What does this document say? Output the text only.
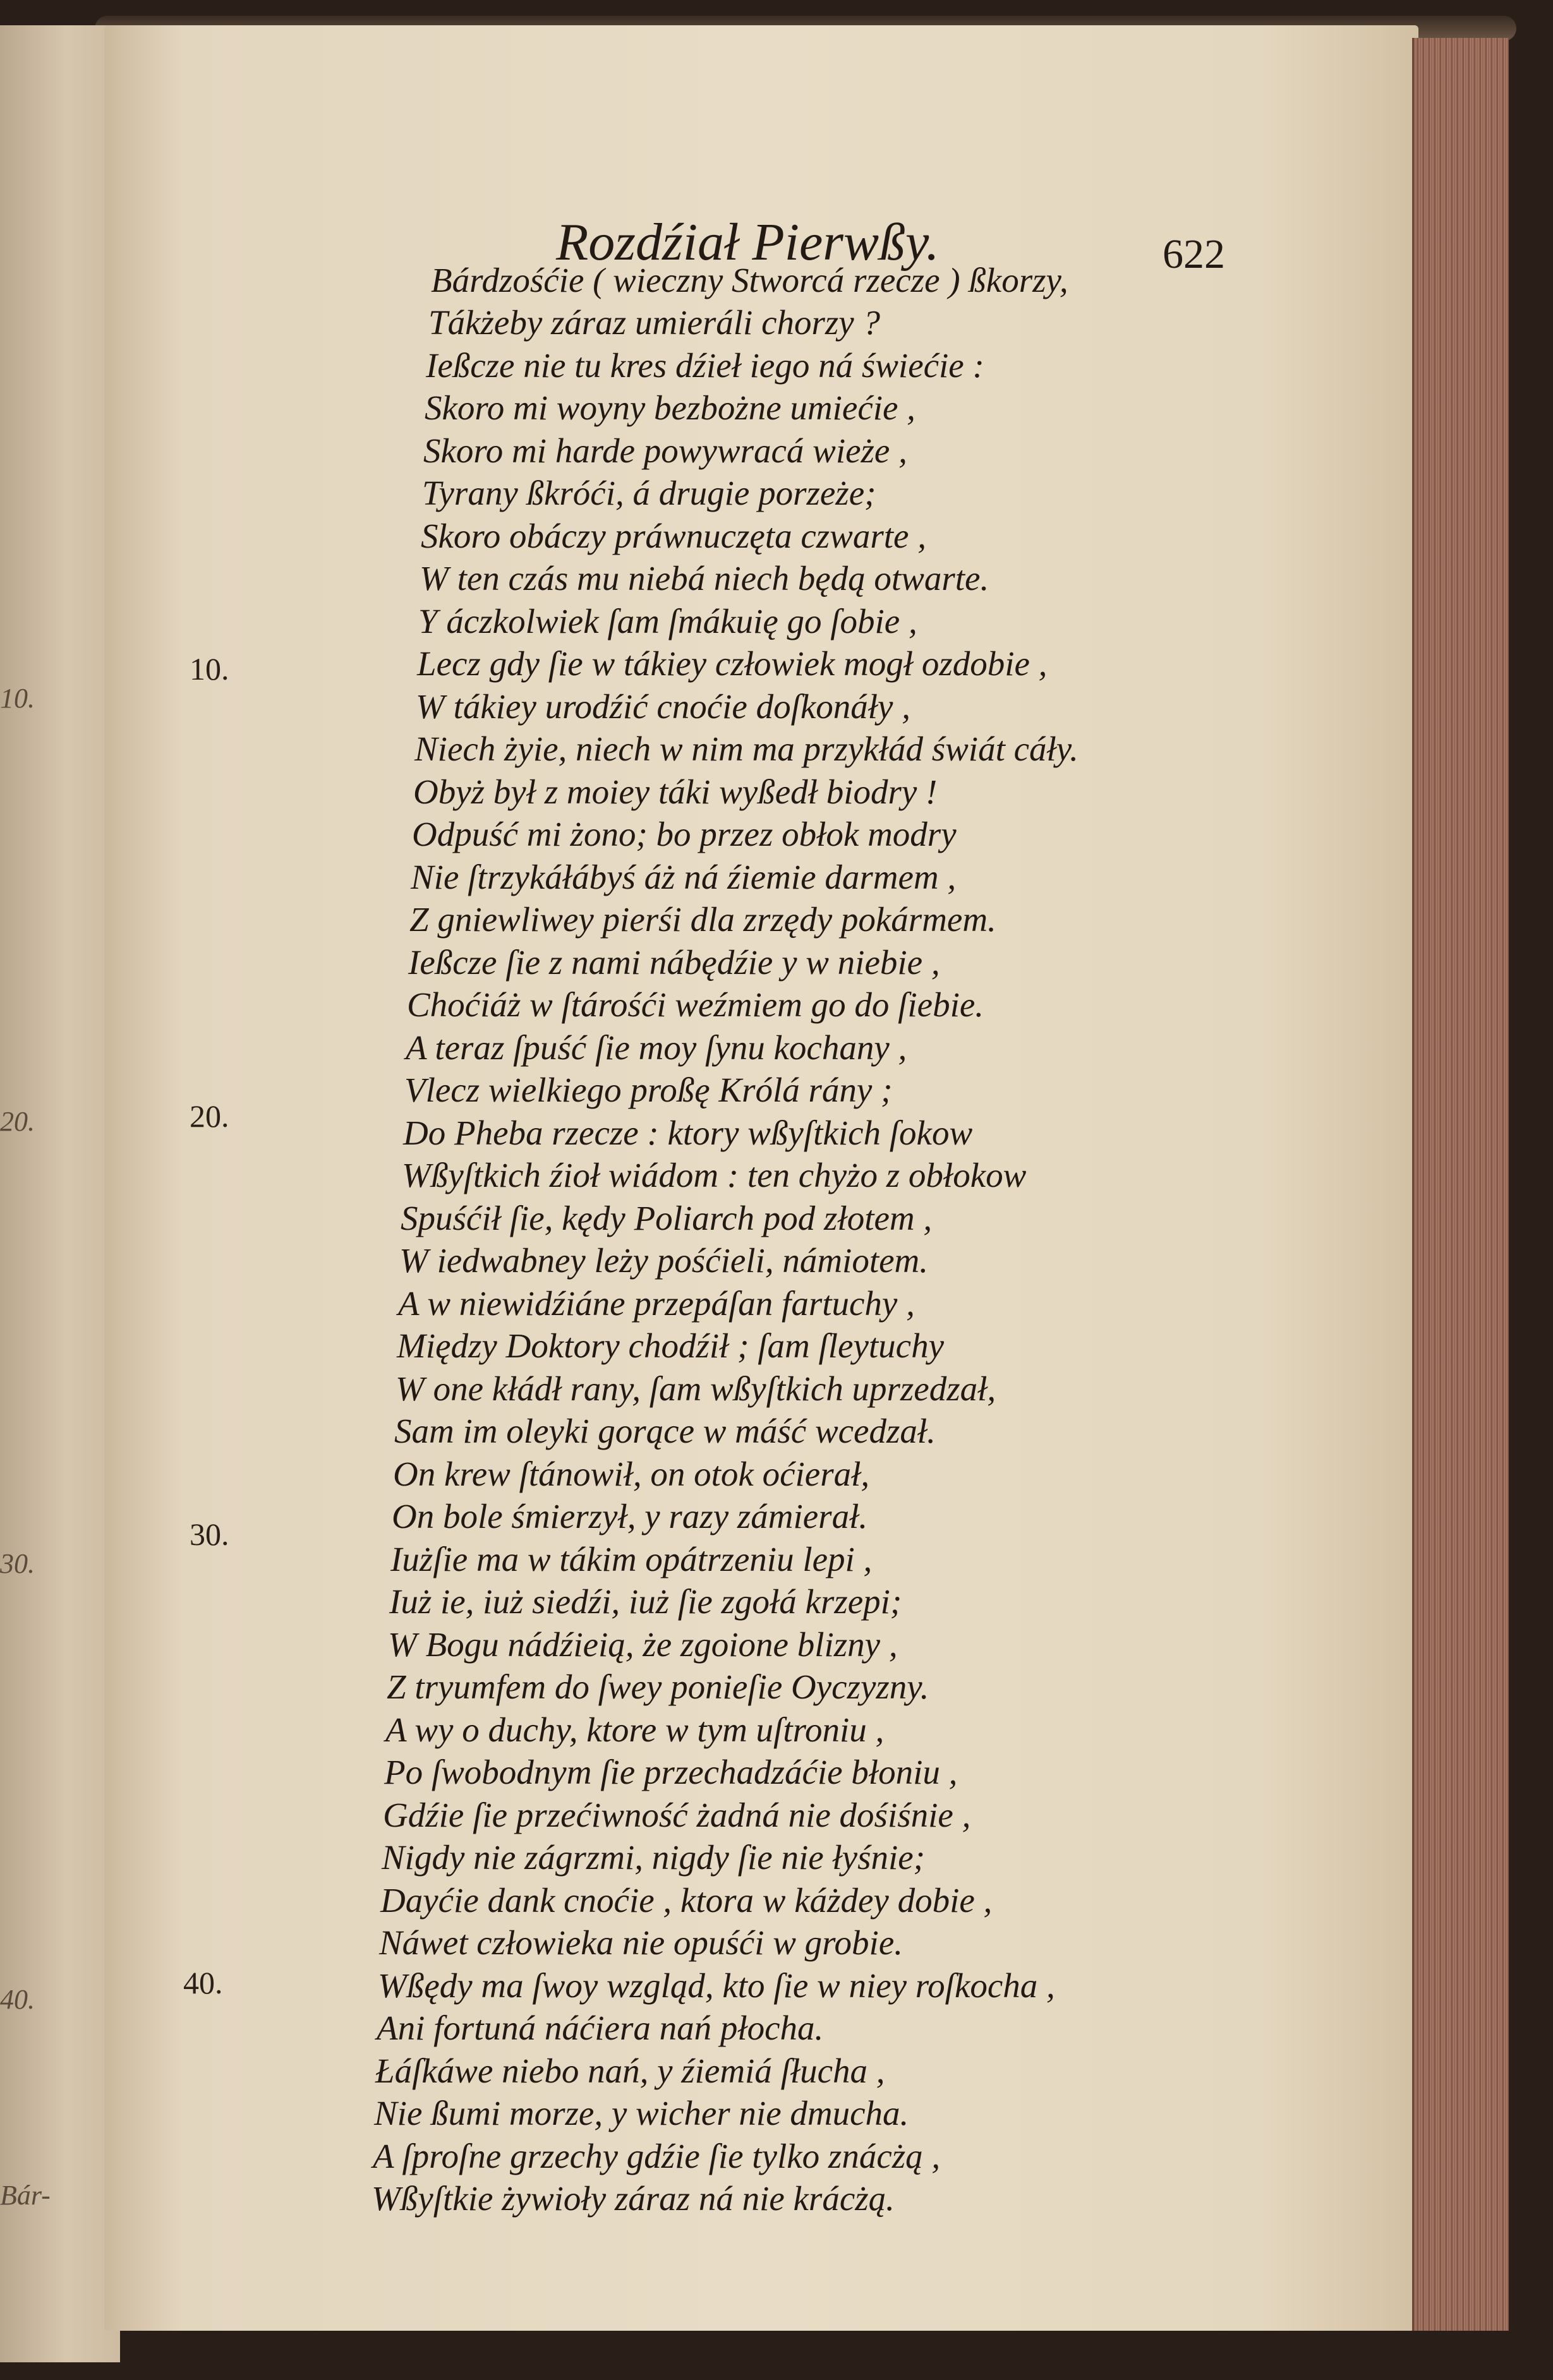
10.
20.
30.
40.
Bár-
Rozdźiał Pierwßy.	622
Bárdzośćie ( wieczny Stworcá rzecze ) ßkorzy,
Tákżeby záraz umieráli chorzy ?
Ießcze nie tu kres dźieł iego ná świećie :
Skoro mi woyny bezbożne umiećie ,
Skoro mi harde powywracá wieże ,
Tyrany ßkróći, á drugie porzeże;
Skoro obáczy práwnuczęta czwarte ,
W ten czás mu niebá niech będą otwarte.
Y áczkolwiek ſam ſmákuię go ſobie ,
Lecz gdy ſie w tákiey człowiek mogł ozdobie ,
W tákiey urodźić cnoćie doſkonáły ,
Niech żyie, niech w nim ma przykłád świát cáły.
Obyż był z moiey táki wyßedł biodry !
Odpuść mi żono; bo przez obłok modry
Nie ſtrzykáłábyś áż ná źiemie darmem ,
Z gniewliwey pierśi dla zrzędy pokármem.
Ießcze ſie z nami nábędźie y w niebie ,
Choćiáż w ſtárośći weźmiem go do ſiebie.
A teraz ſpuść ſie moy ſynu kochany ,
Vlecz wielkiego proßę Królá rány ;
Do Pheba rzecze : ktory wßyſtkich ſokow
Wßyſtkich źioł wiádom : ten chyżo z obłokow
Spuśćił ſie, kędy Poliarch pod złotem ,
W iedwabney leży pośćieli, námiotem.
A w niewidźiáne przepáſan fartuchy ,
Między Doktory chodźił ; ſam ſleytuchy
W one kłádł rany, ſam wßyſtkich uprzedzał,
Sam im oleyki gorące w máść wcedzał.
On krew ſtánowił, on otok oćierał,
On bole śmierzył, y razy zámierał.
Iużſie ma w tákim opátrzeniu lepi ,
Iuż ie, iuż siedźi, iuż ſie zgołá krzepi;
W Bogu nádźieią, że zgoione blizny ,
Z tryumfem do ſwey ponieſie Oyczyzny.
A wy o duchy, ktore w tym uſtroniu ,
Po ſwobodnym ſie przechadzáćie błoniu ,
Gdźie ſie przećiwność żadná nie dośiśnie ,
Nigdy nie zágrzmi, nigdy ſie nie łyśnie;
Dayćie dank cnoćie , ktora w káżdey dobie ,
Náwet człowieka nie opuśći w grobie.
Wßędy ma ſwoy wzgląd, kto ſie w niey roſkocha ,
Ani fortuná náćiera nań płocha.
Łáſkáwe niebo nań, y źiemiá ſłucha ,
Nie ßumi morze, y wicher nie dmucha.
A ſproſne grzechy gdźie ſie tylko znácżą ,
Wßyſtkie żywioły záraz ná nie krácżą.
10.
20.
30.
40.
Sssss2.	Ieśli
